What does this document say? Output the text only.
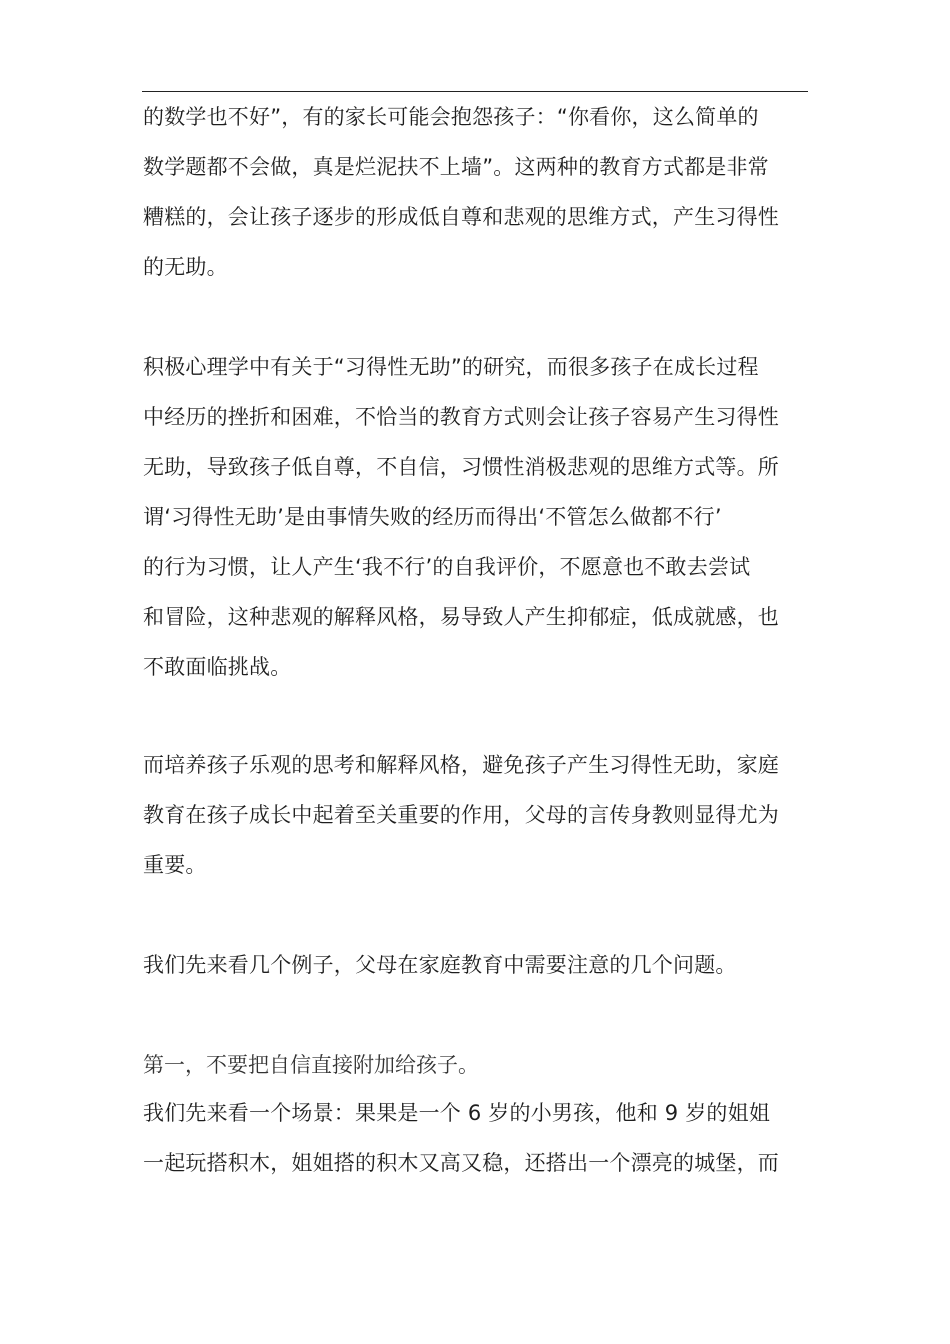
的数学也不好”，有的家长可能会抱怨孩子：“你看你，这么简单的
数学题都不会做，真是烂泥扶不上墙”。这两种的教育方式都是非常
糟糕的，会让孩子逐步的形成低自尊和悲观的思维方式，产生习得性
的无助。
积极心理学中有关于“习得性无助”的研究，而很多孩子在成长过程
中经历的挫折和困难，不恰当的教育方式则会让孩子容易产生习得性
无助，导致孩子低自尊，不自信，习惯性消极悲观的思维方式等。所
谓‘习得性无助’是由事情失败的经历而得出‘不管怎么做都不行’
的行为习惯，让人产生‘我不行’的自我评价，不愿意也不敢去尝试
和冒险，这种悲观的解释风格，易导致人产生抑郁症，低成就感，也
不敢面临挑战。
而培养孩子乐观的思考和解释风格，避免孩子产生习得性无助，家庭
教育在孩子成长中起着至关重要的作用，父母的言传身教则显得尤为
重要。
我们先来看几个例子，父母在家庭教育中需要注意的几个问题。
第一，不要把自信直接附加给孩子。
我们先来看一个场景：果果是一个 6 岁的小男孩，他和 9 岁的姐姐
一起玩搭积木，姐姐搭的积木又高又稳，还搭出一个漂亮的城堡，而
